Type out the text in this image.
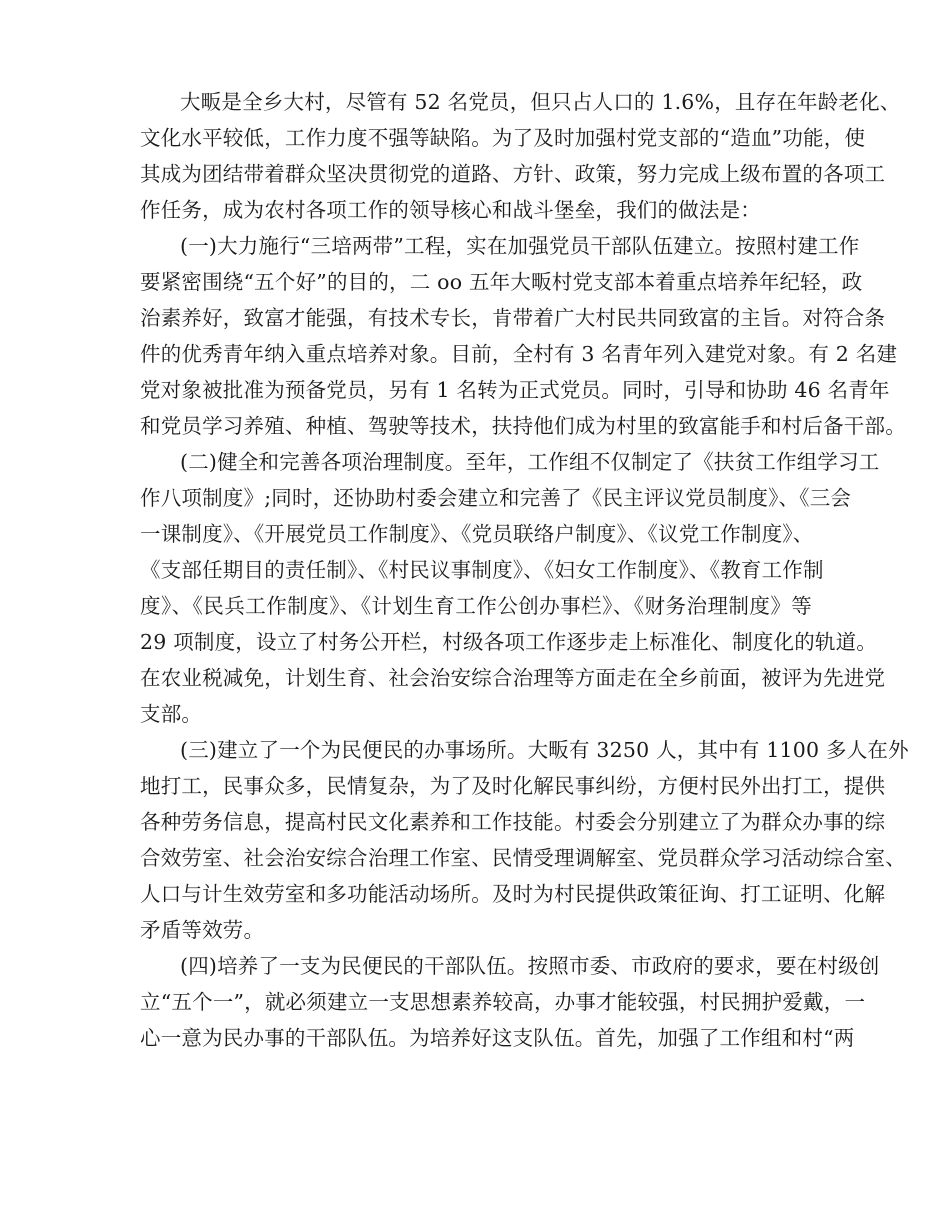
大畈是全乡大村，尽管有 52 名党员，但只占人口的 1.6%，且存在年龄老化、
文化水平较低，工作力度不强等缺陷。为了及时加强村党支部的“造血”功能，使
其成为团结带着群众坚决贯彻党的道路、方针、政策，努力完成上级布置的各项工
作任务，成为农村各项工作的领导核心和战斗堡垒，我们的做法是：
(一)大力施行“三培两带”工程，实在加强党员干部队伍建立。按照村建工作
要紧密围绕“五个好”的目的，二 oo 五年大畈村党支部本着重点培养年纪轻，政
治素养好，致富才能强，有技术专长，肯带着广大村民共同致富的主旨。对符合条
件的优秀青年纳入重点培养对象。目前，全村有 3 名青年列入建党对象。有 2 名建
党对象被批准为预备党员，另有 1 名转为正式党员。同时，引导和协助 46 名青年
和党员学习养殖、种植、驾驶等技术，扶持他们成为村里的致富能手和村后备干部。
(二)健全和完善各项治理制度。至年，工作组不仅制定了《扶贫工作组学习工
作八项制度》;同时，还协助村委会建立和完善了《民主评议党员制度》、《三会
一课制度》、《开展党员工作制度》、《党员联络户制度》、《议党工作制度》、
《支部任期目的责任制》、《村民议事制度》、《妇女工作制度》、《教育工作制
度》、《民兵工作制度》、《计划生育工作公创办事栏》、《财务治理制度》等
29 项制度，设立了村务公开栏，村级各项工作逐步走上标准化、制度化的轨道。
在农业税减免，计划生育、社会治安综合治理等方面走在全乡前面，被评为先进党
支部。
(三)建立了一个为民便民的办事场所。大畈有 3250 人，其中有 1100 多人在外
地打工，民事众多，民情复杂，为了及时化解民事纠纷，方便村民外出打工，提供
各种劳务信息，提高村民文化素养和工作技能。村委会分别建立了为群众办事的综
合效劳室、社会治安综合治理工作室、民情受理调解室、党员群众学习活动综合室、
人口与计生效劳室和多功能活动场所。及时为村民提供政策征询、打工证明、化解
矛盾等效劳。
(四)培养了一支为民便民的干部队伍。按照市委、市政府的要求，要在村级创
立“五个一”，就必须建立一支思想素养较高，办事才能较强，村民拥护爱戴，一
心一意为民办事的干部队伍。为培养好这支队伍。首先，加强了工作组和村“两
